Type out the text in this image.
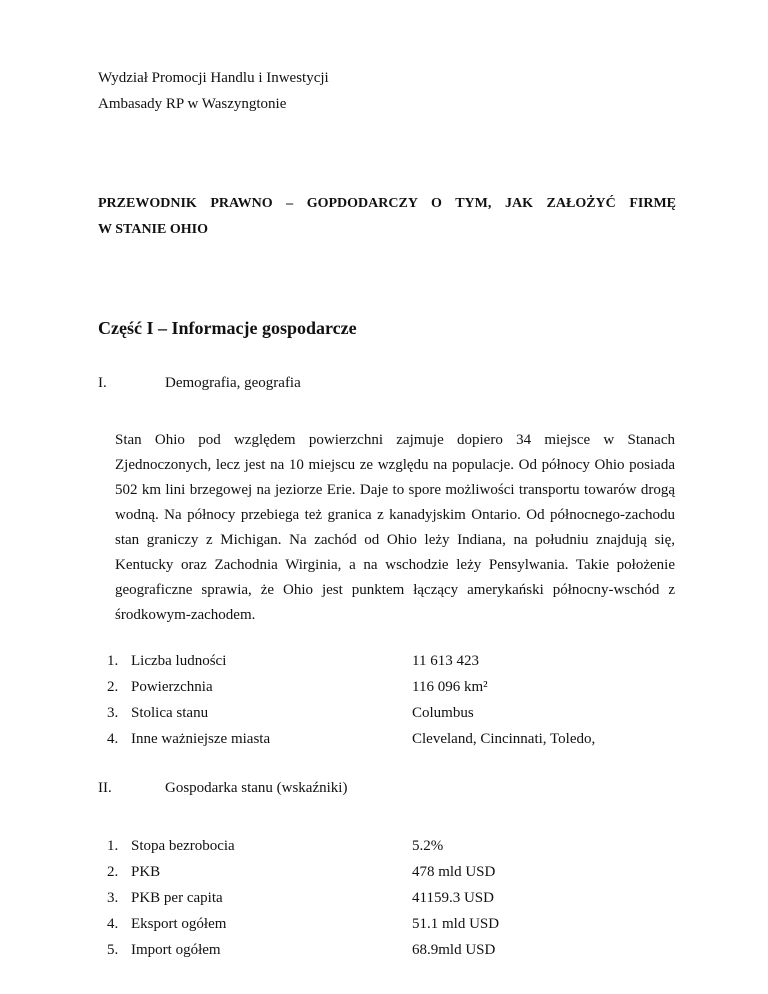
Wydział Promocji Handlu i Inwestycji
Ambasady RP w Waszyngtonie
PRZEWODNIK PRAWNO – GOPDODARCZY O TYM, JAK ZAŁOŻYĆ FIRMĘ
W STANIE OHIO
Część I – Informacje gospodarcze
I.	Demografia, geografia
Stan Ohio pod względem powierzchni zajmuje dopiero 34 miejsce w Stanach
Zjednoczonych, lecz jest na 10 miejscu ze względu na populacje. Od północy Ohio posiada
502 km lini brzegowej na jeziorze Erie. Daje to spore możliwości transportu towarów drogą
wodną. Na północy przebiega też granica z kanadyjskim Ontario. Od północnego-zachodu
stan graniczy z Michigan. Na zachód od Ohio leży Indiana, na południu znajdują się,
Kentucky oraz Zachodnia Wirginia, a na wschodzie leży Pensylwania. Takie położenie
geograficzne sprawia, że Ohio jest punktem łączący amerykański północny-wschód z
środkowym-zachodem.
1. Liczba ludności	11 613 423
2. Powierzchnia	116 096 km²
3. Stolica stanu	Columbus
4. Inne ważniejsze miasta	Cleveland, Cincinnati, Toledo,
II.	Gospodarka stanu (wskaźniki)
1. Stopa bezrobocia	5.2%
2. PKB	478 mld USD
3. PKB per capita	41159.3 USD
4. Eksport ogółem	51.1 mld USD
5. Import ogółem	68.9mld USD
